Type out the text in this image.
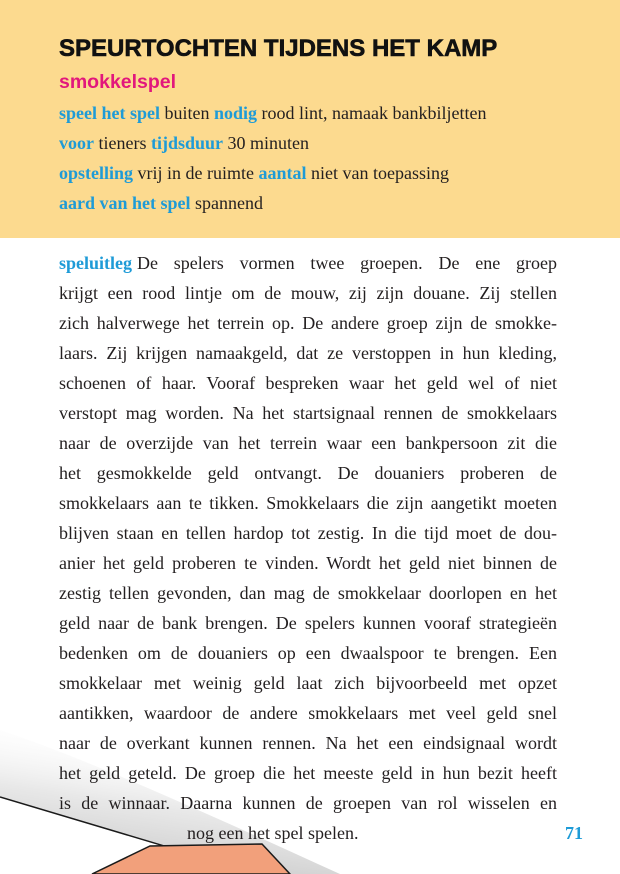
SPEURTOCHTEN TIJDENS HET KAMP
smokkelspel
speel het spel buiten nodig rood lint, namaak bankbiljetten
voor tieners tijdsduur 30 minuten
opstelling vrij in de ruimte aantal niet van toepassing
aard van het spel spannend
speluitleg De spelers vormen twee groepen. De ene groep
krijgt een rood lintje om de mouw, zij zijn douane. Zij stellen
zich halverwege het terrein op. De andere groep zijn de smokke-
laars. Zij krijgen namaakgeld, dat ze verstoppen in hun kleding,
schoenen of haar. Vooraf bespreken waar het geld wel of niet
verstopt mag worden. Na het startsignaal rennen de smokkelaars
naar de overzijde van het terrein waar een bankpersoon zit die
het gesmokkelde geld ontvangt. De douaniers proberen de
smokkelaars aan te tikken. Smokkelaars die zijn aangetikt moeten
blijven staan en tellen hardop tot zestig. In die tijd moet de dou-
anier het geld proberen te vinden. Wordt het geld niet binnen de
zestig tellen gevonden, dan mag de smokkelaar doorlopen en het
geld naar de bank brengen. De spelers kunnen vooraf strategieën
bedenken om de douaniers op een dwaalspoor te brengen. Een
smokkelaar met weinig geld laat zich bijvoorbeeld met opzet
aantikken, waardoor de andere smokkelaars met veel geld snel
naar de overkant kunnen rennen. Na het een eindsignaal wordt
het geld geteld. De groep die het meeste geld in hun bezit heeft
is de winnaar. Daarna kunnen de groepen van rol wisselen en
nog een het spel spelen.	71
